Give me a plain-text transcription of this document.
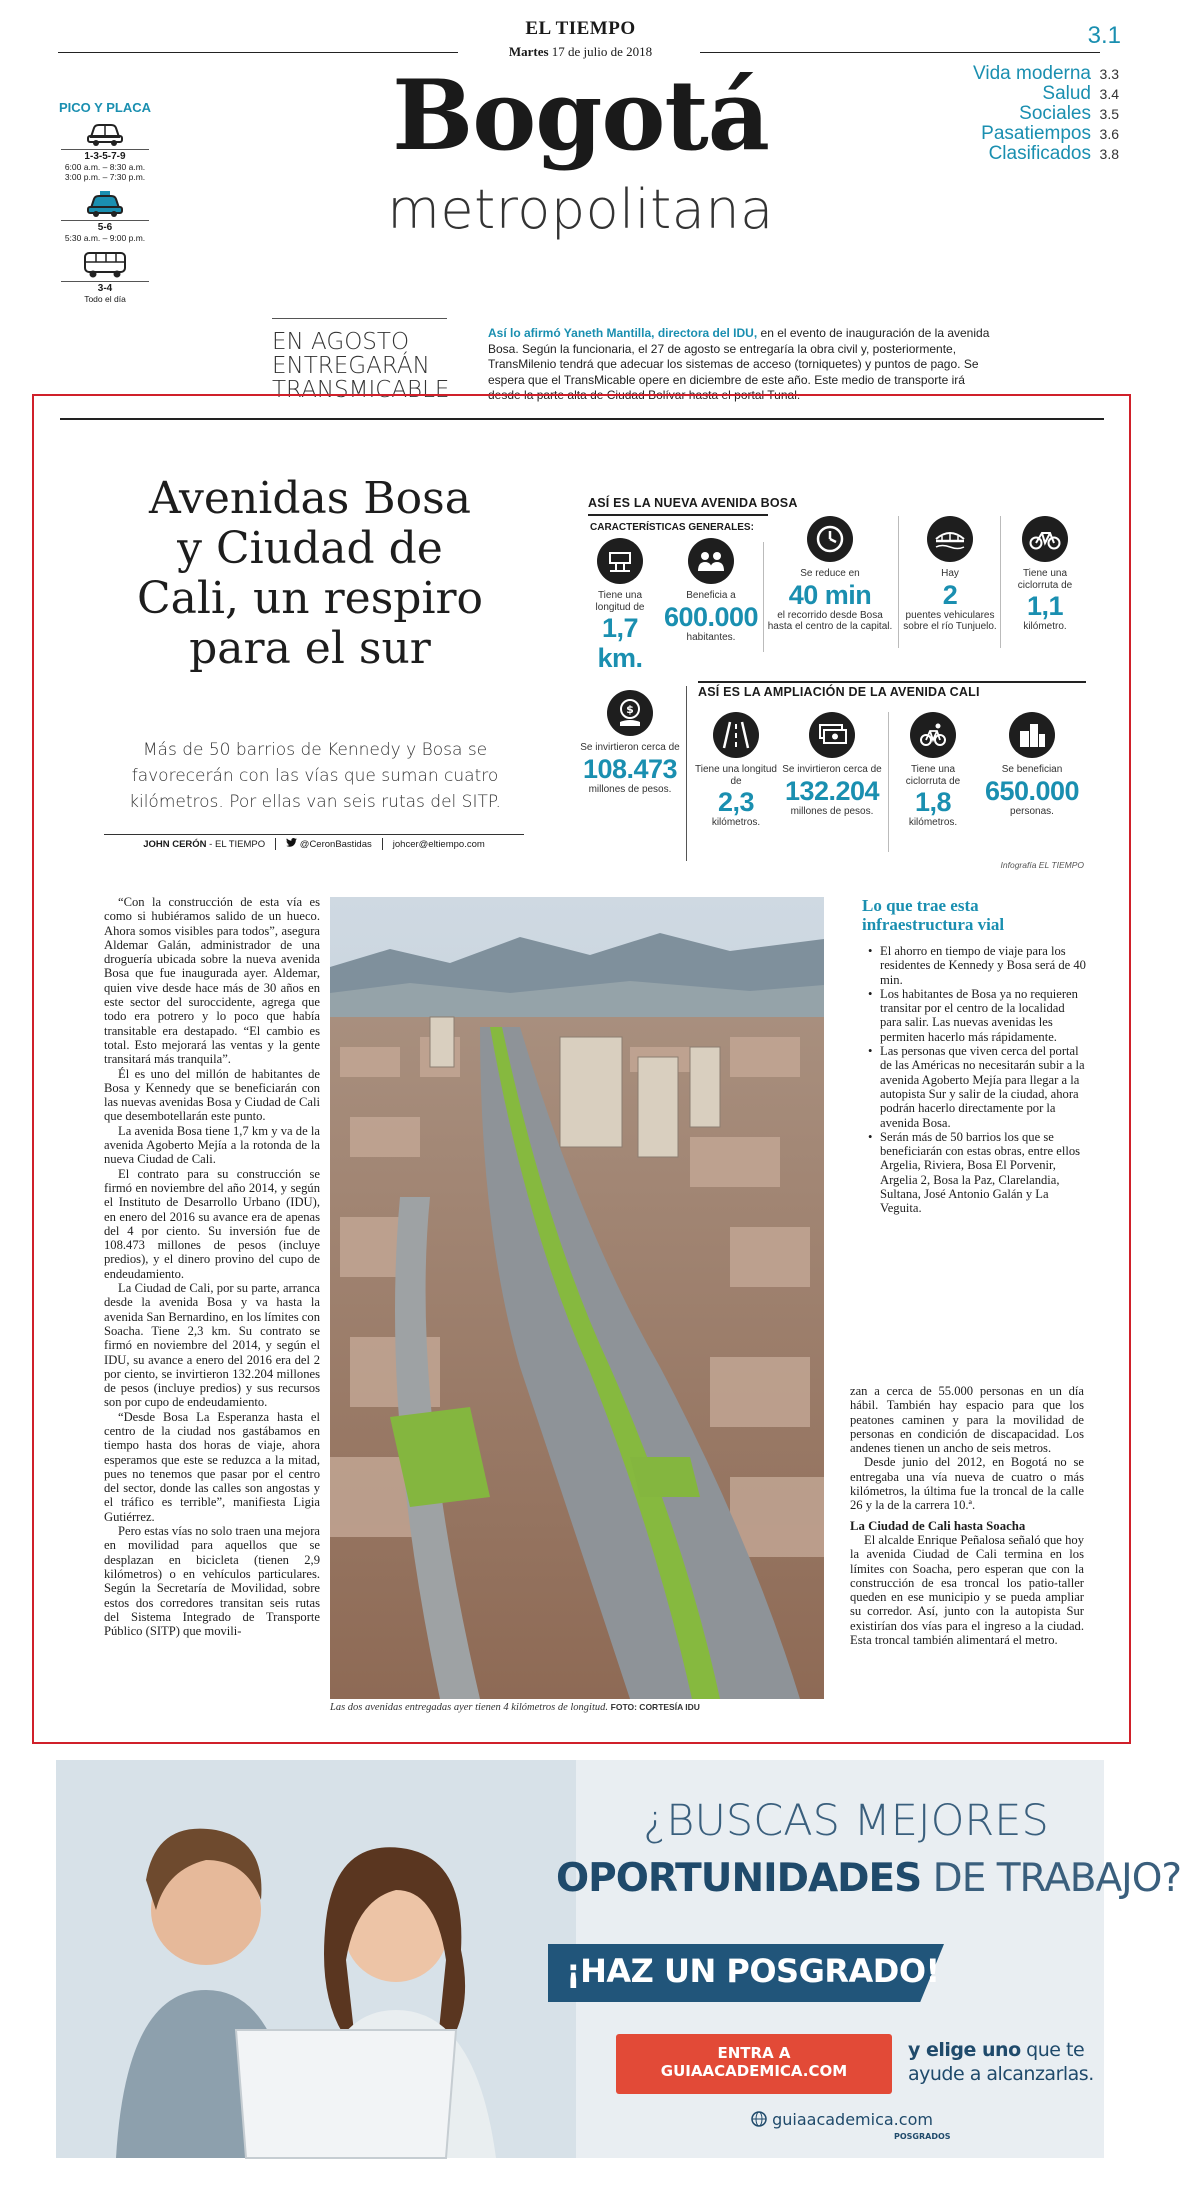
EL TIEMPO
Martes 17 de julio de 2018
3.1
Bogotá
metropolitana
Vida moderna 3.3
Salud 3.4
Sociales 3.5
Pasatiempos 3.6
Clasificados 3.8
PICO Y PLACA
1-3-5-7-9
6:00 a.m. – 8:30 a.m.
3:00 p.m. – 7:30 p.m.
5-6
5:30 a.m. – 9:00 p.m.
3-4
Todo el día
EN AGOSTO
ENTREGARÁN
TRANSMICABLE
Así lo afirmó Yaneth Mantilla, directora del IDU, en el evento de inauguración de la avenida Bosa. Según la funcionaria, el 27 de agosto se entregaría la obra civil y, posteriormente, TransMilenio tendrá que adecuar los sistemas de acceso (torniquetes) y puntos de pago. Se espera que el TransMicable opere en diciembre de este año. Este medio de transporte irá desde la parte alta de Ciudad Bolívar hasta el portal Tunal.
Avenidas Bosa
y Ciudad de
Cali, un respiro
para el sur
Más de 50 barrios de Kennedy y Bosa se favorecerán con las vías que suman cuatro kilómetros. Por ellas van seis rutas del SITP.
JOHN CERÓN - EL TIEMPO	@CeronBastidas johcer@eltiempo.com
ASÍ ES LA NUEVA AVENIDA BOSA
CARACTERÍSTICAS GENERALES:
Tiene una longitud de
1,7 km.
Beneficia a
600.000
habitantes.
Se reduce en
40 min
el recorrido desde Bosa hasta el centro de la capital.
Hay
2
puentes vehiculares sobre el río Tunjuelo.
Tiene una ciclorruta de
1,1
kilómetro.
$
Se invirtieron cerca de
108.473
millones de pesos.
ASÍ ES LA AMPLIACIÓN DE LA AVENIDA CALI
Tiene una longitud de
2,3
kilómetros.
Se invirtieron cerca de
132.204
millones de pesos.
Tiene una ciclorruta de
1,8
kilómetros.
Se benefician
650.000
personas.
Infografía EL TIEMPO

“Con la construcción de esta vía es como si hubiéramos salido de un hueco. Ahora somos visibles para todos”, asegura Aldemar Galán, administrador de una droguería ubicada sobre la nueva avenida Bosa que fue inaugurada ayer. Aldemar, quien vive desde hace más de 30 años en este sector del suroccidente, agrega que todo era potrero y lo poco que había transitable era destapado. “El cambio es total. Esto mejorará las ventas y la gente transitará más tranquila”.

Él es uno del millón de habitantes de Bosa y Kennedy que se beneficiarán con las nuevas avenidas Bosa y Ciudad de Cali que desembotellarán este punto.

La avenida Bosa tiene 1,7 km y va de la avenida Agoberto Mejía a la rotonda de la nueva Ciudad de Cali.

El contrato para su construcción se firmó en noviembre del año 2014, y según el Instituto de Desarrollo Urbano (IDU), en enero del 2016 su avance era de apenas del 4 por ciento. Su inversión fue de 108.473 millones de pesos (incluye predios), y el dinero provino del cupo de endeudamiento.

La Ciudad de Cali, por su parte, arranca desde la avenida Bosa y va hasta la avenida San Bernardino, en los límites con Soacha. Tiene 2,3 km. Su contrato se firmó en noviembre del 2014, y según el IDU, su avance a enero del 2016 era del 2 por ciento, se invirtieron 132.204 millones de pesos (incluye predios) y sus recursos son por cupo de endeudamiento.

“Desde Bosa La Esperanza hasta el centro de la ciudad nos gastábamos en tiempo hasta dos horas de viaje, ahora esperamos que este se reduzca a la mitad, pues no tenemos que pasar por el centro del sector, donde las calles son angostas y el tráfico es terrible”, manifiesta Ligia Gutiérrez.

Pero estas vías no solo traen una mejora en movilidad para aquellos que se desplazan en bicicleta (tienen 2,9 kilómetros) o en vehículos particulares. Según la Secretaría de Movilidad, sobre estos dos corredores transitan seis rutas del Sistema Integrado de Transporte Público (SITP) que movili-

Las dos avenidas entregadas ayer tienen 4 kilómetros de longitud. FOTO: CORTESÍA IDU
Lo que trae esta infraestructura vial
• El ahorro en tiempo de viaje para los residentes de Kennedy y Bosa será de 40 min.
• Los habitantes de Bosa ya no requieren transitar por el centro de la localidad para salir. Las nuevas avenidas les permiten hacerlo más rápidamente.
• Las personas que viven cerca del portal de las Américas no necesitarán subir a la avenida Agoberto Mejía para llegar a la autopista Sur y salir de la ciudad, ahora podrán hacerlo directamente por la avenida Bosa.
• Serán más de 50 barrios los que se beneficiarán con estas obras, entre ellos Argelia, Riviera, Bosa El Porvenir, Argelia 2, Bosa la Paz, Clarelandia, Sultana, José Antonio Galán y La Veguita.

zan a cerca de 55.000 personas en un día hábil. También hay espacio para que los peatones caminen y para la movilidad de personas en condición de discapacidad. Los andenes tienen un ancho de seis metros.

Desde junio del 2012, en Bogotá no se entregaba una vía nueva de cuatro o más kilómetros, la última fue la troncal de la calle 26 y la de la carrera 10.ª.

La Ciudad de Cali hasta Soacha

El alcalde Enrique Peñalosa señaló que hoy la avenida Ciudad de Cali termina en los límites con Soacha, pero esperan que con la construcción de esa troncal los patio-taller queden en ese municipio y se pueda ampliar su corredor. Así, junto con la autopista Sur existirían dos vías para el ingreso a la ciudad. Esta troncal también alimentará el metro.

¿BUSCAS MEJORES
OPORTUNIDADES DE TRABAJO?
¡HAZ UN POSGRADO!
ENTRA A
GUIAACADEMICA.COM
y elige uno que te ayude a alcanzarlas.
guiaacademica.com
POSGRADOS
